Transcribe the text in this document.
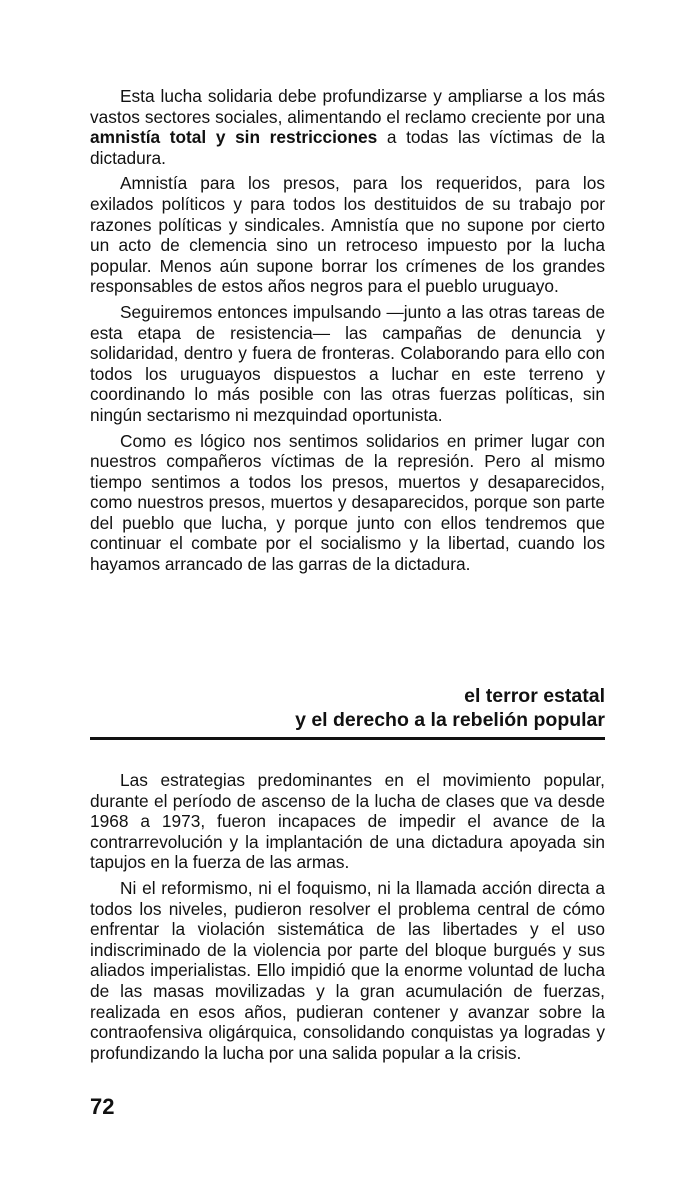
Esta lucha solidaria debe profundizarse y ampliarse a los más vastos sectores sociales, alimentando el reclamo creciente por una amnistía total y sin restricciones a todas las víctimas de la dictadura.

Amnistía para los presos, para los requeridos, para los exilados políticos y para todos los destituidos de su trabajo por razones políticas y sindicales. Amnistía que no supone por cierto un acto de clemencia sino un retroceso impuesto por la lucha popular. Menos aún supone borrar los crímenes de los grandes responsables de estos años negros para el pueblo uruguayo.

Seguiremos entonces impulsando —junto a las otras tareas de esta etapa de resistencia— las campañas de denuncia y solidaridad, dentro y fuera de fronteras. Colaborando para ello con todos los uruguayos dispuestos a luchar en este terreno y coordinando lo más posible con las otras fuerzas políticas, sin ningún sectarismo ni mezquindad oportunista.

Como es lógico nos sentimos solidarios en primer lugar con nuestros compañeros víctimas de la represión. Pero al mismo tiempo sentimos a todos los presos, muertos y desaparecidos, como nuestros presos, muertos y desaparecidos, porque son parte del pueblo que lucha, y porque junto con ellos tendremos que continuar el combate por el socialismo y la libertad, cuando los hayamos arrancado de las garras de la dictadura.

el terror estatal
y el derecho a la rebelión popular

Las estrategias predominantes en el movimiento popular, durante el período de ascenso de la lucha de clases que va desde 1968 a 1973, fueron incapaces de impedir el avance de la contrarrevolución y la implantación de una dictadura apoyada sin tapujos en la fuerza de las armas.

Ni el reformismo, ni el foquismo, ni la llamada acción directa a todos los niveles, pudieron resolver el problema central de cómo enfrentar la violación sistemática de las libertades y el uso indiscriminado de la violencia por parte del bloque burgués y sus aliados imperialistas. Ello impidió que la enorme voluntad de lucha de las masas movilizadas y la gran acumulación de fuerzas, realizada en esos años, pudieran contener y avanzar sobre la contraofensiva oligárquica, consolidando conquistas ya logradas y profundizando la lucha por una salida popular a la crisis.

72
